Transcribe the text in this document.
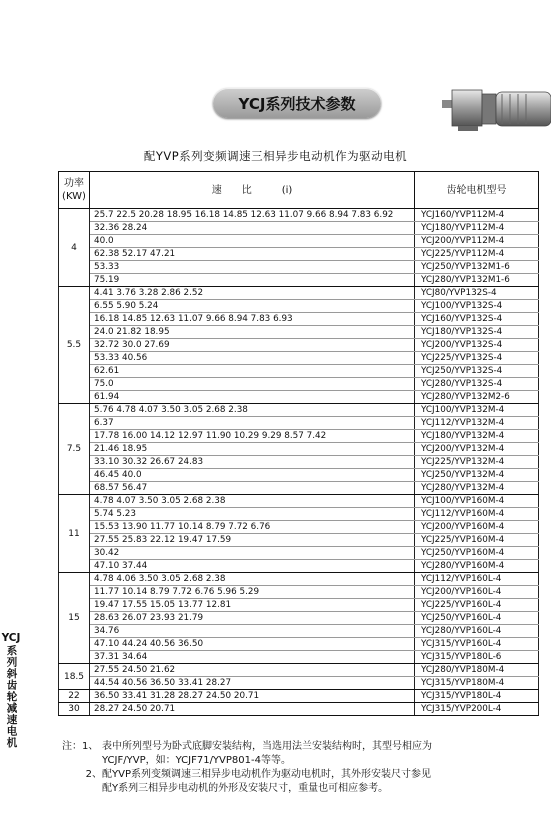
YCJ系列技术参数
配YVP系列变频调速三相异步电动机作为驱动电机
YCJ
系列斜齿轮减速电机
功率
(KW)	速　　比　　　(i)	齿轮电机型号
4	25.7 22.5 20.28 18.95 16.18 14.85 12.63 11.07 9.66 8.94 7.83 6.92	YCJ160/YVP112M-4
	32.36 28.24	YCJ180/YVP112M-4
	40.0	YCJ200/YVP112M-4
	62.38 52.17 47.21	YCJ225/YVP112M-4
	53.33	YCJ250/YVP132M1-6
	75.19	YCJ280/YVP132M1-6
5.5	4.41 3.76 3.28 2.86 2.52	YCJ80/YVP132S-4
	6.55 5.90 5.24	YCJ100/YVP132S-4
	16.18 14.85 12.63 11.07 9.66 8.94 7.83 6.93	YCJ160/YVP132S-4
	24.0 21.82 18.95	YCJ180/YVP132S-4
	32.72 30.0 27.69	YCJ200/YVP132S-4
	53.33 40.56	YCJ225/YVP132S-4
	62.61	YCJ250/YVP132S-4
	75.0	YCJ280/YVP132S-4
	61.94	YCJ280/YVP132M2-6
7.5	5.76 4.78 4.07 3.50 3.05 2.68 2.38	YCJ100/YVP132M-4
	6.37	YCJ112/YVP132M-4
	17.78 16.00 14.12 12.97 11.90 10.29 9.29 8.57 7.42	YCJ180/YVP132M-4
	21.46 18.95	YCJ200/YVP132M-4
	33.10 30.32 26.67 24.83	YCJ225/YVP132M-4
	46.45 40.0	YCJ250/YVP132M-4
	68.57 56.47	YCJ280/YVP132M-4
11	4.78 4.07 3.50 3.05 2.68 2.38	YCJ100/YVP160M-4
	5.74 5.23	YCJ112/YVP160M-4
	15.53 13.90 11.77 10.14 8.79 7.72 6.76	YCJ200/YVP160M-4
	27.55 25.83 22.12 19.47 17.59	YCJ225/YVP160M-4
	30.42	YCJ250/YVP160M-4
	47.10 37.44	YCJ280/YVP160M-4
15	4.78 4.06 3.50 3.05 2.68 2.38	YCJ112/YVP160L-4
	11.77 10.14 8.79 7.72 6.76 5.96 5.29	YCJ200/YVP160L-4
	19.47 17.55 15.05 13.77 12.81	YCJ225/YVP160L-4
	28.63 26.07 23.93 21.79	YCJ250/YVP160L-4
	34.76	YCJ280/YVP160L-4
	47.10 44.24 40.56 36.50	YCJ315/YVP160L-4
	37.31 34.64	YCJ315/YVP180L-6
18.5	27.55 24.50 21.62	YCJ280/YVP180M-4
	44.54 40.56 36.50 33.41 28.27	YCJ315/YVP180M-4
22	36.50 33.41 31.28 28.27 24.50 20.71	YCJ315/YVP180L-4
30	28.27 24.50 20.71	YCJ315/YVP200L-4
注：1、 表中所列型号为卧式底脚安装结构，当选用法兰安装结构时，其型号相应为
YCJF/YVP，如：YCJF71/YVP801-4等等。
2、 配YVP系列变频调速三相异步电动机作为驱动电机时，其外形安装尺寸参见
配Y系列三相异步电动机的外形及安装尺寸，重量也可相应参考。
